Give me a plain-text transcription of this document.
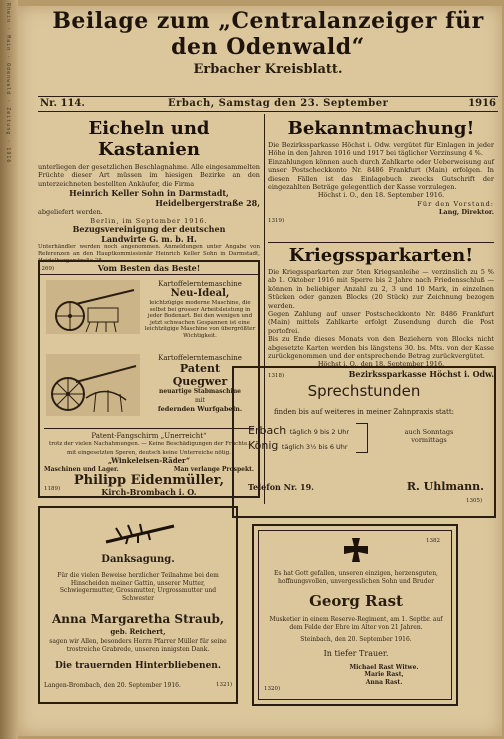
Rhein · Main · Odenwald · Zeitung · 1916	Beilage zum „Centralanzeiger für den Odenwald“
Erbacher Kreisblatt.
Nr. 114.	Erbach, Samstag den 23. September	1916
Eicheln und Kastanien
unterliegen der gesetzlichen Beschlagnahme. Alle eingesammelten Früchte dieser Art müssen im hiesigen Bezirke an den unterzeichneten bestellten Ankäufer, die Firma
Heinrich Keller Sohn in Darmstadt,
Heidelbergerstraße 28,
abgeliefert werden.
Berlin, im September 1916.
Bezugsvereinigung der deutschen
Landwirte G. m. b. H.
Unterhändler werden noch angenommen. Anmeldungen unter Angabe von Referenzen an den Hauptkommissionär Heinrich Keller Sohn in Darmstadt, Heidelbergerstraße 28.
1269)	Vom Besten das Beste!
Kartoffelerntemaschine
Neu-Ideal,
leichtzügige moderne Maschine, die selbst bei grosser Arbeitsleistung in jeder Bodenart. Bei den wenigen und jetzt schwachen Gespannen ist eine leichtzügige Maschine von übergrößter Wichtigkeit.
Kartoffelerntemaschine
Patent
Quegwer
neuartige Stabmaschine
mit
federnden Wurfgabeln.
Patent-Fangschirm „Unerreicht“
trotz der vielen Nachahmungen. — Keine Beschädigungen der Früchte.
mit eingesetzten Speren, deutsch keine Unterreiche nötig.
„Winkeleisen-Räder“
Maschinen und Lager.	Man verlange Prospekt.
Philipp Eidenmüller,
Kirch-Brombach i. O.
1189)
Danksagung.
Für die vielen Beweise herzlicher Teilnahme bei dem Hinscheiden meiner Gattin, unserer Mutter, Schwiegermutter, Grossmutter, Urgrossmutter und Schwester
Anna Margaretha Straub,
geb. Reichert,
sagen wir Allen, besonders Herrn Pfarrer Müller für seine trostreiche Grabrede, unseren innigsten Dank.
Die trauernden Hinterbliebenen.
Langen-Brombach, den 20. September 1916.	1321)
Bekanntmachung!
Die Bezirkssparkasse Höchst i. Odw. vergütet für Einlagen in jeder Höhe in den Jahren 1916 und 1917 bei täglicher Verzinsung 4 %.
Einzahlungen können auch durch Zahlkarte oder Ueberweisung auf unser Postscheckkonto Nr. 8486 Frankfurt (Main) erfolgen. In diesen Fällen ist das Einlagebuch zwecks Gutschrift der eingezahlten Beträge gelegentlich der Kasse vorzulegen.
Höchst i. O., den 18. September 1916.
Für den Vorstand:
Lang, Direktor.
1319)
Kriegssparkarten!
Die Kriegssparkarten zur 5ten Kriegsanleihe — verzinslich zu 5 % ab 1. Oktober 1916 mit Sperre bis 2 Jahre nach Friedensschluß — können in beliebiger Anzahl zu 2, 3 und 10 Mark, in einzelnen Stücken oder ganzen Blocks (20 Stück) zur Zeichnung bezogen werden.
Gegen Zahlung auf unser Postscheckkonto Nr. 8486 Frankfurt (Main) mittels Zahlkarte erfolgt Zusendung durch die Post portofrei.
Bis zu Ende dieses Monats von den Beziehern von Blocks nicht abgesetzte Karten werden bis längstens 30. bs. Mts. von der Kasse zurückgenommen und der entsprechende Betrag zurückvergütet.
Höchst i. O., den 18. September 1916.
1318)	Bezirkssparkasse Höchst i. Odw.
Sprechstunden
finden bis auf weiteres in meiner Zahnpraxis statt:
Erbach täglich 9 bis 2 Uhr
König täglich 3½ bis 6 Uhr
auch Sonntags
vormittags
Telefon Nr. 19.	R. Uhlmann.
1305)
1382
Es hat Gott gefallen, unseren einzigen, herzensguten, hoffnungsvollen, unvergesslichen Sohn und Bruder
Georg Rast
Musketier in einem Reserve-Regiment, am 1. Septbr. auf dem Felde der Ehre im Alter von 21 Jahren.
Steinbach, den 20. September 1916.
In tiefer Trauer.
Michael Rast Witwe.
Marie Rast,
Anna Rast.
1320)
